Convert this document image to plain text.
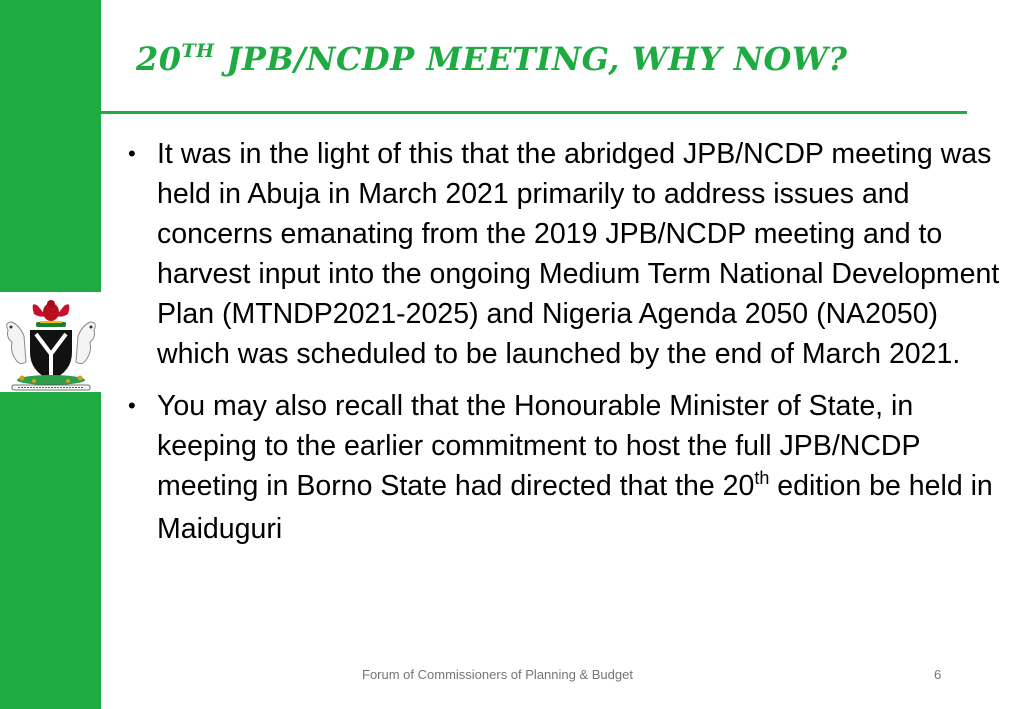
20TH JPB/NCDP MEETING, WHY NOW?
• It was in the light of this that the abridged JPB/NCDP meeting was held in Abuja in March 2021 primarily to address issues and concerns emanating from the 2019 JPB/NCDP meeting and to harvest input into the ongoing Medium Term National Development Plan (MTNDP2021-2025) and Nigeria Agenda 2050 (NA2050) which was scheduled to be launched by the end of March 2021.
• You may also recall that the Honourable Minister of State, in keeping to the earlier commitment to host the full JPB/NCDP meeting in Borno State had directed that the 20th edition be held in Maiduguri
Forum of Commissioners of Planning & Budget	6
